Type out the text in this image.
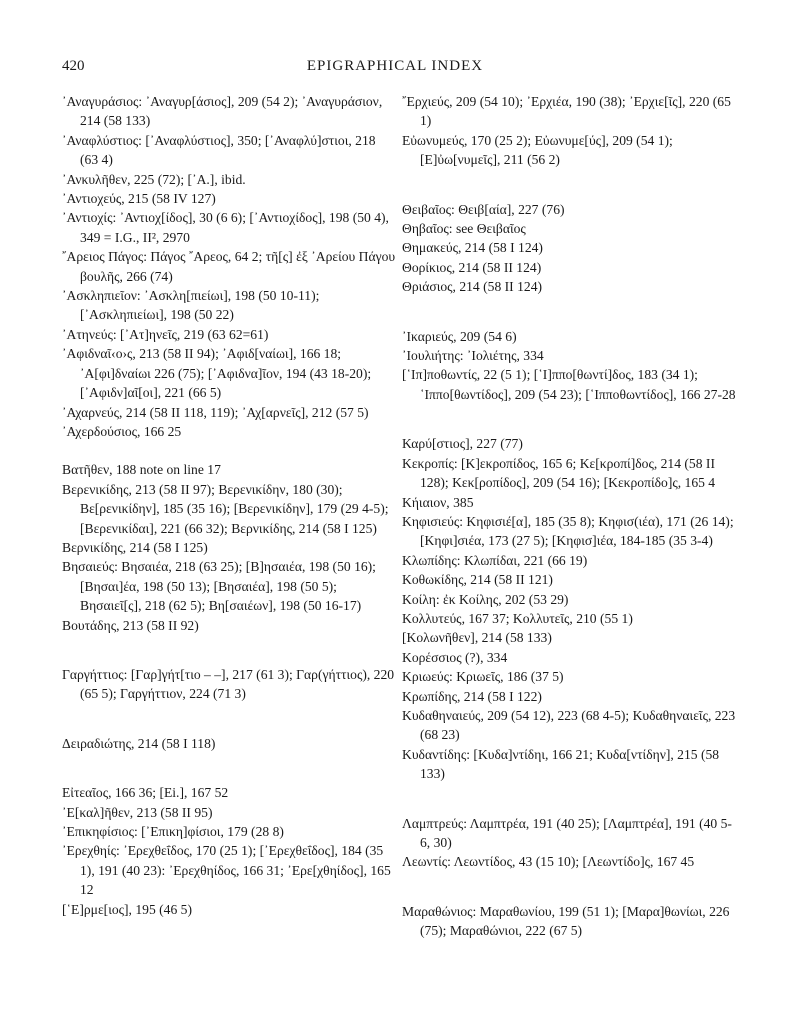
420	EPIGRAPHICAL INDEX

᾿Αναγυράσιος: ᾿Αναγυρ[άσιος], 209 (54 2); ᾿Αναγυράσιον, 214 (58 133)

᾿Αναφλύστιος: [᾿Αναφλύστιος], 350; [᾿Αναφλύ]στιοι, 218 (63 4)

᾿Ανκυλῆθεν, 225 (72); [᾿Α.], ibid.

᾿Αντιοχεύς, 215 (58 IV 127)

᾿Αντιοχίς: ᾿Αντιοχ[ίδος], 30 (6 6); [᾿Αντιοχίδος], 198 (50 4), 349 = I.G., II², 2970

῎Αρειος Πάγος: Πάγος ῎Αρεος, 64 2; τῆ[ς] ἐξ ᾿Αρείου Πάγου βουλῆς, 266 (74)

᾿Ασκληπιεῖον: ᾿Ασκλη[πιείωι], 198 (50 10-11); [᾿Ασκληπιείωι], 198 (50 22)

᾿Ατηνεύς: [᾿Ατ]ηνεῖς, 219 (63 62=61)

᾿Αφιδναῖ‹ο›ς, 213 (58 II 94); ᾿Αφιδ[ναίωι], 166 18; ᾿Α[φι]δναίωι 226 (75); [᾿Αφιδνα]ῖον, 194 (43 18-20); [᾿Αφιδν]αῖ[οι], 221 (66 5)

᾿Αχαρνεύς, 214 (58 II 118, 119); ᾿Αχ[αρνεῖς], 212 (57 5)

᾿Αχερδούσιος, 166 25

Βατῆθεν, 188 note on line 17

Βερενικίδης, 213 (58 II 97); Βερενικίδην, 180 (30); Βε[ρενικίδην], 185 (35 16); [Βερενικίδην], 179 (29 4-5); [Βερενικίδαι], 221 (66 32); Βερνικίδης, 214 (58 I 125)

Βερνικίδης, 214 (58 I 125)

Βησαιεύς: Βησαιέα, 218 (63 25); [Β]ησαιέα, 198 (50 16); [Βησαι]έα, 198 (50 13); [Βησαιέα], 198 (50 5); Βησαιεῖ[ς], 218 (62 5); Βη[σαιέων], 198 (50 16-17)

Βουτάδης, 213 (58 II 92)

Γαργήττιος: [Γαρ]γήτ[τιο – –], 217 (61 3); Γαρ(γήττιος), 220 (65 5); Γαργήττιον, 224 (71 3)

Δειραδιώτης, 214 (58 I 118)

Εἰτεαῖος, 166 36; [Ei.], 167 52

᾿Ε[καλ]ῆθεν, 213 (58 II 95)

᾿Επικηφίσιος: [᾿Επικη]φίσιοι, 179 (28 8)

᾿Ερεχθηίς: ᾿Ερεχθεΐδος, 170 (25 1); [᾿Ερεχθεΐδος], 184 (35 1), 191 (40 23): ᾿Ερεχθηίδος, 166 31; ᾿Ερε[χθηίδος], 165 12

[῾Ε]ρμε[ιος], 195 (46 5)

῎Ερχιεύς, 209 (54 10); ᾿Ερχιέα, 190 (38); ᾿Ερχιε[ῖς], 220 (65 1)

Εὐωνυμεύς, 170 (25 2); Εὐωνυμε[ύς], 209 (54 1); [Ε]ὐω[νυμεῖς], 211 (56 2)

Θειβαῖος: Θειβ[αία], 227 (76)

Θηβαῖος: see Θειβαῖος

Θημακεύς, 214 (58 I 124)

Θορίκιος, 214 (58 II 124)

Θριάσιος, 214 (58 II 124)

᾿Ικαριεύς, 209 (54 6)

᾿Ιουλιήτης: ᾿Ιολιέτης, 334

[῾Ιπ]ποθωντίς, 22 (5 1); [῾Ι]ππο[θωντί]δος, 183 (34 1); ῾Ιππο[θωντίδος], 209 (54 23); [῾Ιπποθωντίδος], 166 27-28

Καρύ[στιος], 227 (77)

Κεκροπίς: [Κ]εκροπίδος, 165 6; Κε[κροπί]δος, 214 (58 II 128); Κεκ[ροπίδος], 209 (54 16); [Κεκροπίδο]ς, 165 4

Κήιαιον, 385

Κηφισιεύς: Κηφισιέ[α], 185 (35 8); Κηφισ(ιέα), 171 (26 14); [Κηφι]σιέα, 173 (27 5); [Κηφισ]ιέα, 184-185 (35 3-4)

Κλωπίδης: Κλωπίδαι, 221 (66 19)

Κοθωκίδης, 214 (58 II 121)

Κοίλη: ἐκ Κοίλης, 202 (53 29)

Κολλυτεύς, 167 37; Κολλυτεῖς, 210 (55 1)

[Κολωνῆθεν], 214 (58 133)

Κορέσσιος (?), 334

Κριωεύς: Κριωεῖς, 186 (37 5)

Κρωπίδης, 214 (58 I 122)

Κυδαθηναιεύς, 209 (54 12), 223 (68 4-5); Κυδαθηναιεῖς, 223 (68 23)

Κυδαντίδης: [Κυδα]ντίδηι, 166 21; Κυδα[ντίδην], 215 (58 133)

Λαμπτρεύς: Λαμπτρέα, 191 (40 25); [Λαμπτρέα], 191 (40 5-6, 30)

Λεωντίς: Λεωντίδος, 43 (15 10); [Λεωντίδο]ς, 167 45

Μαραθώνιος: Μαραθωνίου, 199 (51 1); [Μαρα]θωνίωι, 226 (75); Μαραθώνιοι, 222 (67 5)
